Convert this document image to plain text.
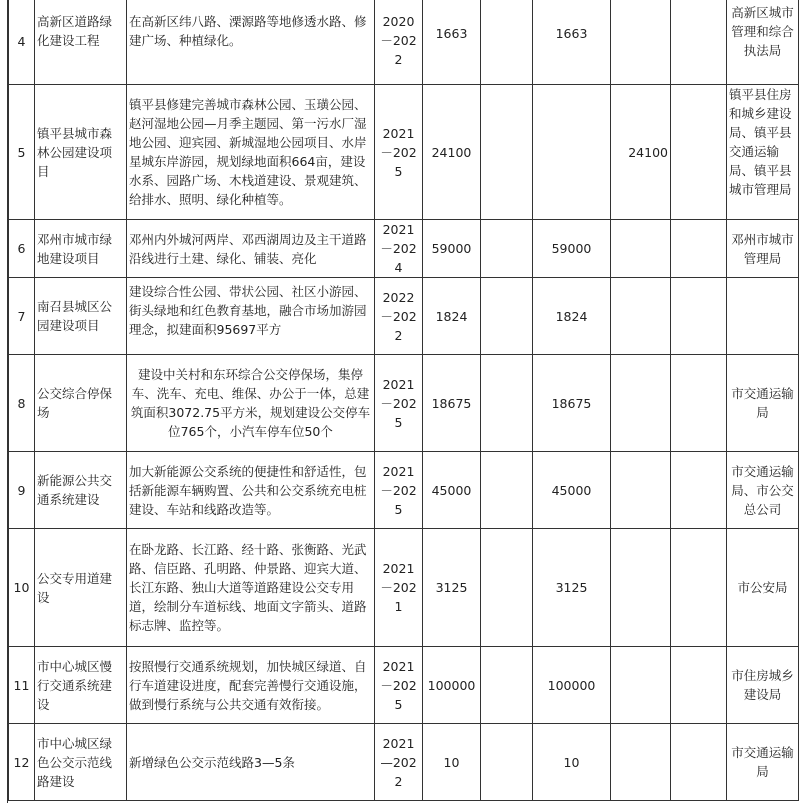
4	高新区道路绿化建设工程	在高新区纬八路、溧源路等地修透水路、修建广场、种植绿化。	2020－2022	1663		1663			高新区城市管理和综合执法局
5	镇平县城市森林公园建设项目	镇平县修建完善城市森林公园、玉璜公园、赵河湿地公园—月季主题园、第一污水厂湿地公园、迎宾园、新城湿地公园项目、水岸星城东岸游园，规划绿地面积664亩，建设水系、园路广场、木栈道建设、景观建筑、给排水、照明、绿化种植等。	2021－2025	24100			24100		镇平县住房和城乡建设局、镇平县交通运输局、镇平县城市管理局
6	邓州市城市绿地建设项目	邓州内外城河两岸、邓西湖周边及主干道路沿线进行土建、绿化、铺装、亮化	2021－2024	59000		59000			邓州市城市管理局
7	南召县城区公园建设项目	建设综合性公园、带状公园、社区小游园、街头绿地和红色教育基地，融合市场加游园理念，拟建面积95697平方	2022－2022	1824		1824			
8	公交综合停保场	建设中关村和东环综合公交停保场，集停车、洗车、充电、维保、办公于一体，总建筑面积3072.75平方米，规划建设公交停车位765个，小汽车停车位50个	2021－2025	18675		18675			市交通运输局
9	新能源公共交通系统建设	加大新能源公交系统的便捷性和舒适性，包括新能源车辆购置、公共和公交系统充电桩建设、车站和线路改造等。	2021－2025	45000		45000			市交通运输局、市公交总公司
10	公交专用道建设	在卧龙路、长江路、经十路、张衡路、光武路、信臣路、孔明路、仲景路、迎宾大道、长江东路、独山大道等道路建设公交专用道，绘制分车道标线、地面文字箭头、道路标志牌、监控等。	2021－2021	3125		3125			市公安局
11	市中心城区慢行交通系统建设	按照慢行交通系统规划，加快城区绿道、自行车道建设进度，配套完善慢行交通设施，做到慢行系统与公共交通有效衔接。	2021－2025	100000		100000			市住房城乡建设局
12	市中心城区绿色公交示范线路建设	新增绿色公交示范线路3—5条	2021—2022	10		10			市交通运输局
